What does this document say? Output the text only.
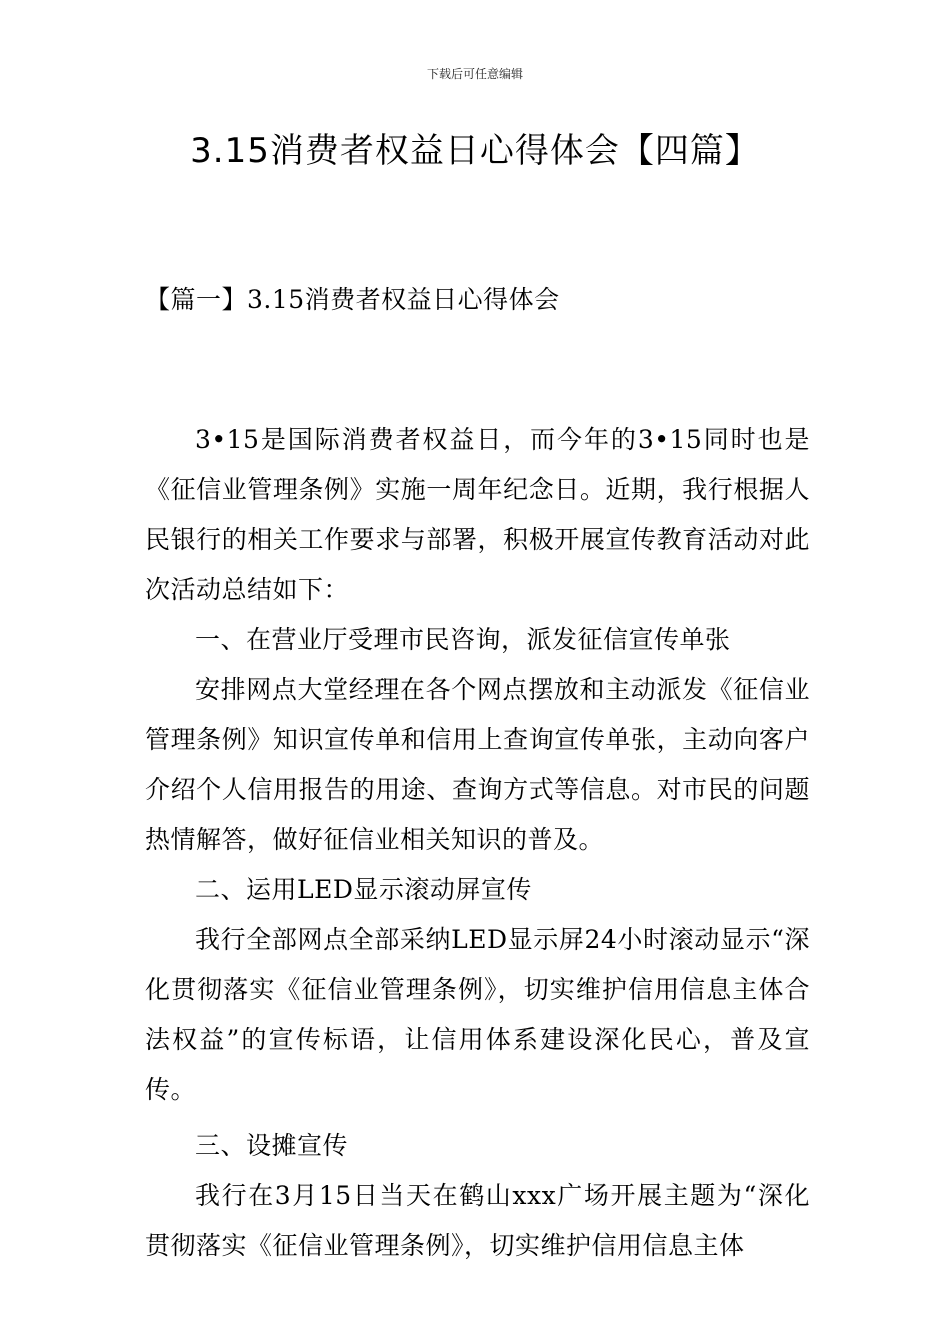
下载后可任意编辑
3.15消费者权益日心得体会【四篇】
【篇一】3.15消费者权益日心得体会

3•15是国际消费者权益日，而今年的3•15同时也是《征信业管理条例》实施一周年纪念日。近期，我行根据人民银行的相关工作要求与部署，积极开展宣传教育活动对此次活动总结如下：

一、在营业厅受理市民咨询，派发征信宣传单张

安排网点大堂经理在各个网点摆放和主动派发《征信业管理条例》知识宣传单和信用上查询宣传单张，主动向客户介绍个人信用报告的用途、查询方式等信息。对市民的问题热情解答，做好征信业相关知识的普及。

二、运用LED显示滚动屏宣传

我行全部网点全部采纳LED显示屏24小时滚动显示“深化贯彻落实《征信业管理条例》，切实维护信用信息主体合法权益”的宣传标语，让信用体系建设深化民心，普及宣传。

三、设摊宣传

我行在3月15日当天在鹤山xxx广场开展主题为“深化贯彻落实《征信业管理条例》，切实维护信用信息主体
